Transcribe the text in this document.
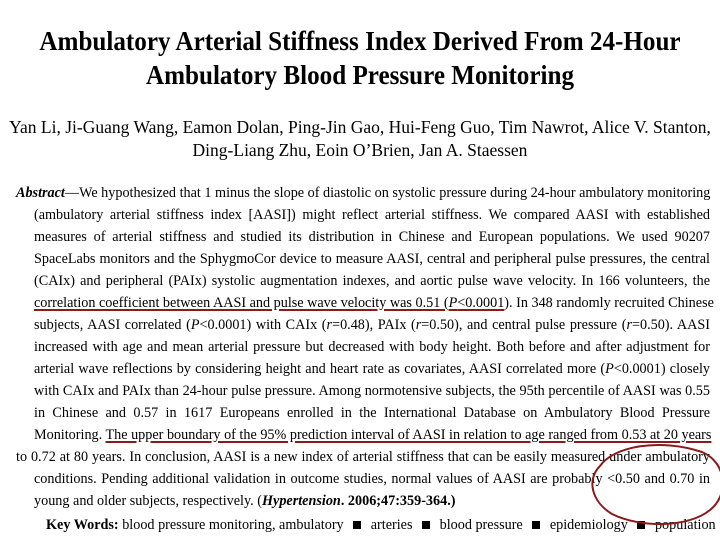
Ambulatory Arterial Stiffness Index Derived From 24-Hour
Ambulatory Blood Pressure Monitoring
Yan Li, Ji-Guang Wang, Eamon Dolan, Ping-Jin Gao, Hui-Feng Guo, Tim Nawrot, Alice V. Stanton,
Ding-Liang Zhu, Eoin O’Brien, Jan A. Staessen
Abstract—We hypothesized that 1 minus the slope of diastolic on systolic pressure during 24-hour ambulatory monitoring
(ambulatory arterial stiffness index [AASI]) might reflect arterial stiffness. We compared AASI with established
measures of arterial stiffness and studied its distribution in Chinese and European populations. We used 90207
SpaceLabs monitors and the SphygmoCor device to measure AASI, central and peripheral pulse pressures, the central
(CAIx) and peripheral (PAIx) systolic augmentation indexes, and aortic pulse wave velocity. In 166 volunteers, the
correlation coefficient between AASI and pulse wave velocity was 0.51 (P<0.0001). In 348 randomly recruited Chinese
subjects, AASI correlated (P<0.0001) with CAIx (r=0.48), PAIx (r=0.50), and central pulse pressure (r=0.50). AASI
increased with age and mean arterial pressure but decreased with body height. Both before and after adjustment for
arterial wave reflections by considering height and heart rate as covariates, AASI correlated more (P<0.0001) closely
with CAIx and PAIx than 24-hour pulse pressure. Among normotensive subjects, the 95th percentile of AASI was 0.55
in Chinese and 0.57 in 1617 Europeans enrolled in the International Database on Ambulatory Blood Pressure
Monitoring. The upper boundary of the 95% prediction interval of AASI in relation to age ranged from 0.53 at 20 years
to 0.72 at 80 years. In conclusion, AASI is a new index of arterial stiffness that can be easily measured under ambulatory
conditions. Pending additional validation in outcome studies, normal values of AASI are probably <0.50 and 0.70 in
young and older subjects, respectively. (Hypertension. 2006;47:359-364.)
Key Words: blood pressure monitoring, ambulatory arteries blood pressure epidemiology population
